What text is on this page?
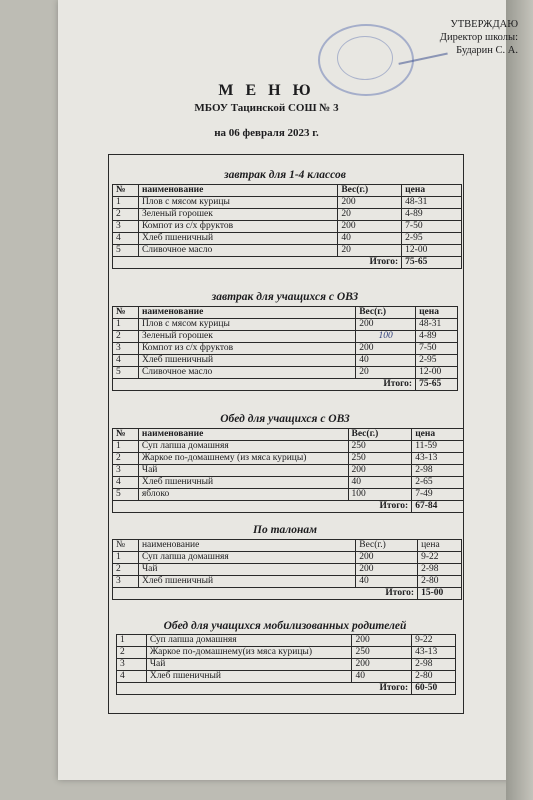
УТВЕРЖДАЮ
Директор школы:
Бударин С. А.
М Е Н Ю
МБОУ Тацинской СОШ № 3
на 06 февраля 2023 г.
завтрак для 1-4 классов
№	наименование	Вес(г.)	цена
1	Плов с мясом курицы	200	48-31
2	Зеленый горошек	20	4-89
3	Компот из с/х фруктов	200	7-50
4	Хлеб пшеничный	40	2-95
5	Сливочное масло	20	12-00
Итого:			75-65
завтрак для учащихся с ОВЗ
№	наименование	Вес(г.)	цена
1	Плов с мясом курицы	200	48-31
2	Зеленый горошек	100	4-89
3	Компот из с/х фруктов	200	7-50
4	Хлеб пшеничный	40	2-95
5	Сливочное масло	20	12-00
Итого:			75-65
Обед для учащихся с ОВЗ
№	наименование	Вес(г.)	цена
1	Суп лапша домашняя	250	11-59
2	Жаркое по-домашнему (из мяса курицы)	250	43-13
3	Чай	200	2-98
4	Хлеб пшеничный	40	2-65
5	яблоко	100	7-49
Итого:			67-84
По талонам
№	наименование	Вес(г.)	цена
1	Суп лапша домашняя	200	9-22
2	Чай	200	2-98
3	Хлеб пшеничный	40	2-80
Итого:			15-00
Обед для учащихся мобилизованных родителей
1	Суп лапша домашняя	200	9-22
2	Жаркое по-домашнему(из мяса курицы)	250	43-13
3	Чай	200	2-98
4	Хлеб пшеничный	40	2-80
Итого:			60-50
